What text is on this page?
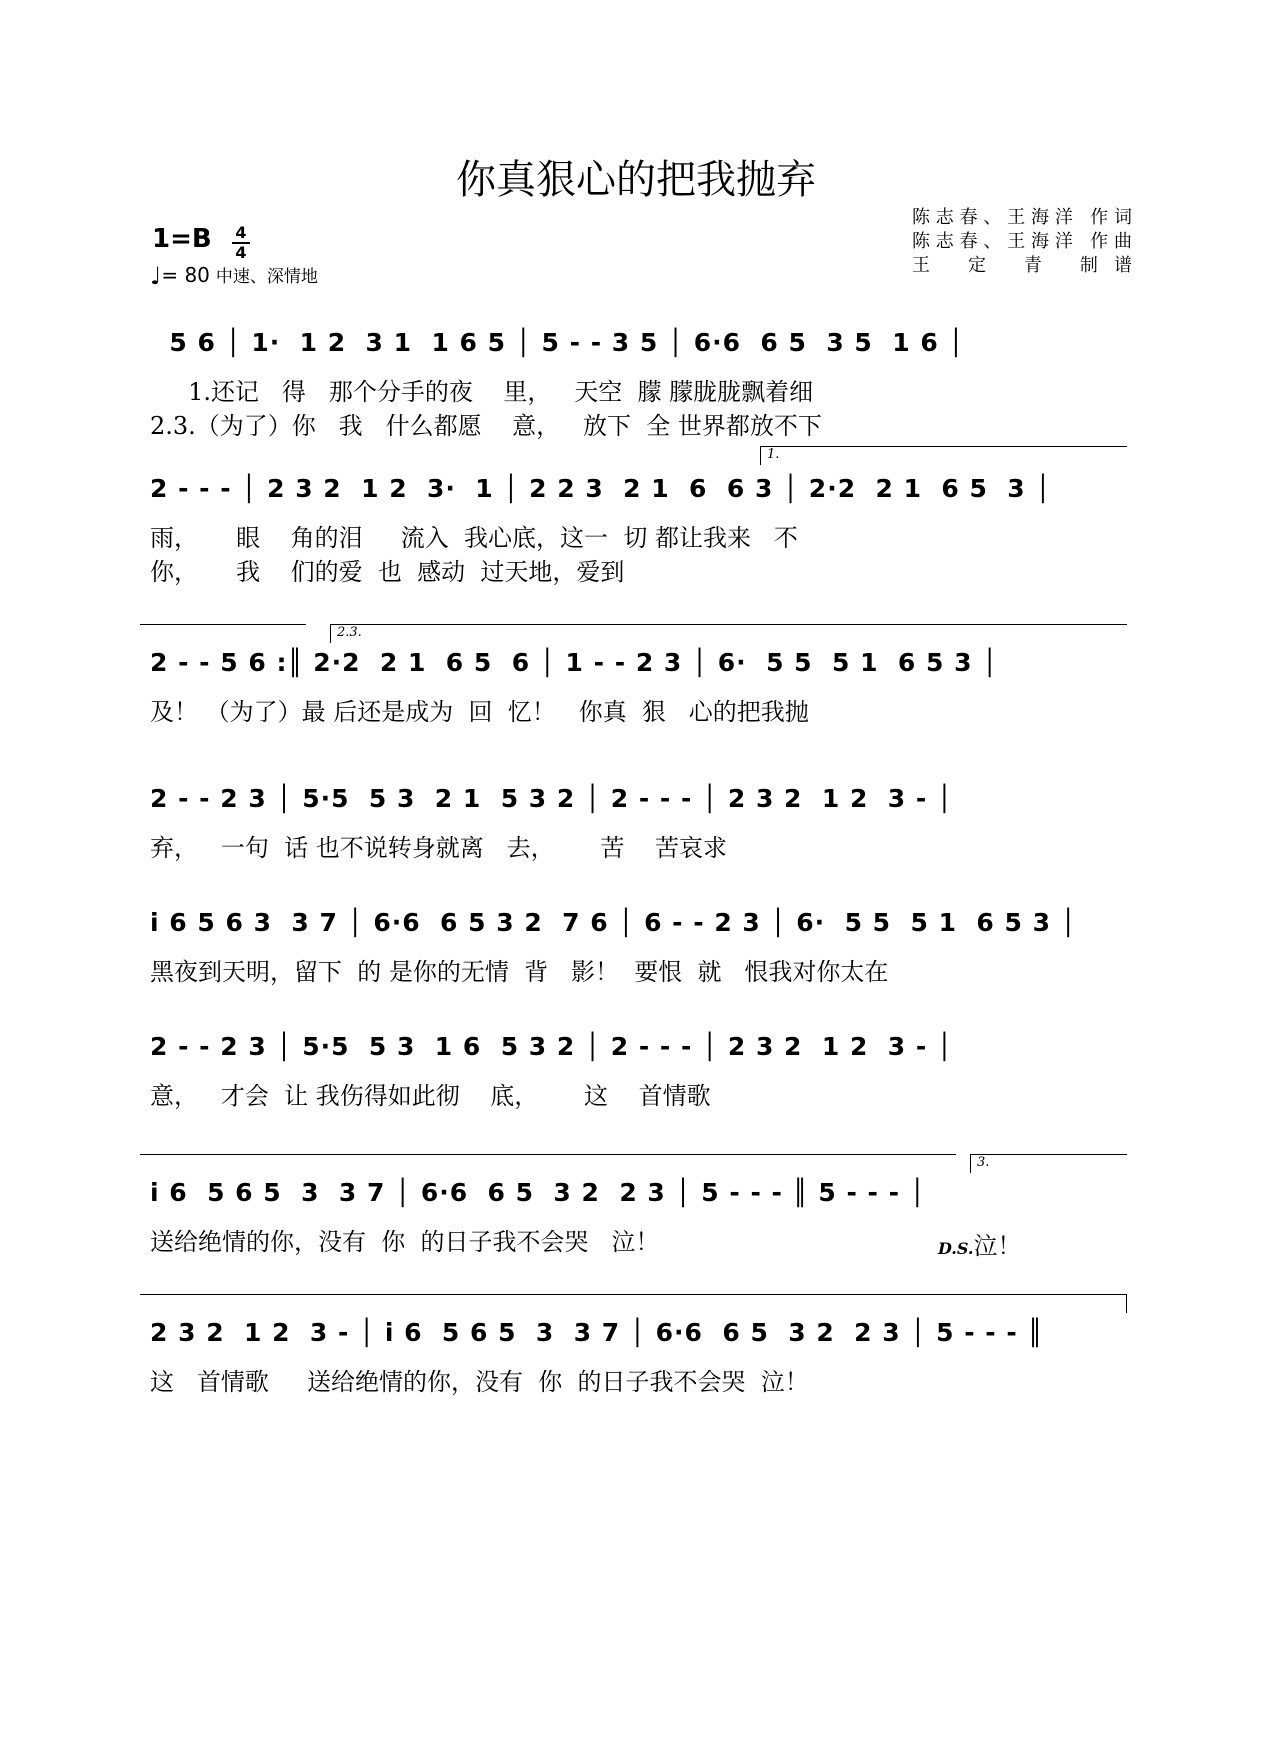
你真狠心的把我抛弃
陈志春、王海洋 作词
陈志春、王海洋 作曲
王 定 青 制谱
1=B	4
4
♩= 80 中速、深情地
5 6 │ 1·  1 2  3 1  1 6 5 │ 5 - - 3 5 │ 6·6  6 5  3 5  1 6 │
1.还记   得   那个分手的夜    里，   天空  朦 朦胧胧飘着细
2.3.（为了）你   我   什么都愿    意，   放下  全 世界都放不下
1.
2 - - - │ 2 3 2  1 2  3·  1 │ 2 2 3  2 1  6  6 3 │ 2·2  2 1  6 5  3 │
雨，     眼    角的泪     流入  我心底，这一  切 都让我来   不
你，     我    们的爱  也  感动  过天地，爱到
2.3.
2 - - 5 6 :║ 2·2  2 1  6 5  6 │ 1 - - 2 3 │ 6·  5 5  5 1  6 5 3 │
及！ （为了）最 后还是成为  回  忆！   你真  狠   心的把我抛
2 - - 2 3 │ 5·5  5 3  2 1  5 3 2 │ 2 - - - │ 2 3 2  1 2  3 - │
弃，   一句  话 也不说转身就离   去，      苦    苦哀求
i 6 5 6 3  3 7 │ 6·6  6 5 3 2  7 6 │ 6 - - 2 3 │ 6·  5 5  5 1  6 5 3 │
黑夜到天明，留下  的 是你的无情  背   影！  要恨  就   恨我对你太在
2 - - 2 3 │ 5·5  5 3  1 6  5 3 2 │ 2 - - - │ 2 3 2  1 2  3 - │
意，   才会  让 我伤得如此彻    底，      这    首情歌
3.
i 6  5 6 5  3  3 7 │ 6·6  6 5  3 2  2 3 │ 5 - - - ║ 5 - - - │
送给绝情的你，没有  你  的日子我不会哭   泣！	D.S.泣！
2 3 2  1 2  3 - │ i 6  5 6 5  3  3 7 │ 6·6  6 5  3 2  2 3 │ 5 - - - ║
这   首情歌     送给绝情的你，没有  你  的日子我不会哭  泣！
